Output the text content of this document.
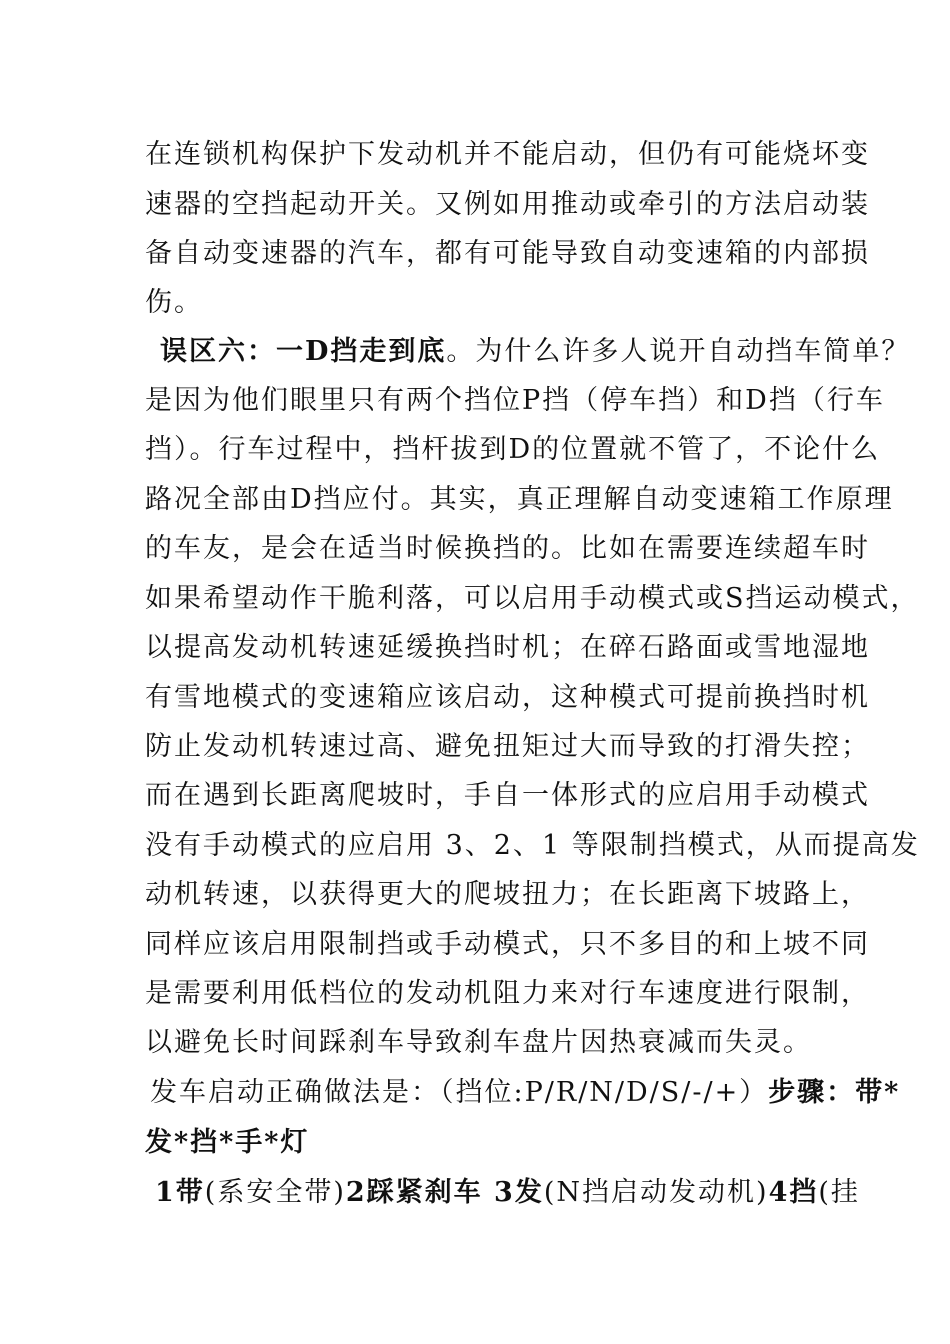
在连锁机构保护下发动机并不能启动，但仍有可能烧坏变
速器的空挡起动开关。又例如用推动或牵引的方法启动装
备自动变速器的汽车，都有可能导致自动变速箱的内部损
伤。
误区六：一D挡走到底。为什么许多人说开自动挡车简单？
是因为他们眼里只有两个挡位P挡（停车挡）和D挡（行车
挡）。行车过程中，挡杆拔到D的位置就不管了，不论什么
路况全部由D挡应付。其实，真正理解自动变速箱工作原理
的车友，是会在适当时候换挡的。比如在需要连续超车时
如果希望动作干脆利落，可以启用手动模式或S挡运动模式，
以提高发动机转速延缓换挡时机；在碎石路面或雪地湿地
有雪地模式的变速箱应该启动，这种模式可提前换挡时机
防止发动机转速过高、避免扭矩过大而导致的打滑失控；
而在遇到长距离爬坡时，手自一体形式的应启用手动模式
没有手动模式的应启用 3、2、1 等限制挡模式，从而提高发
动机转速，以获得更大的爬坡扭力；在长距离下坡路上，
同样应该启用限制挡或手动模式，只不多目的和上坡不同
是需要利用低档位的发动机阻力来对行车速度进行限制，
以避免长时间踩刹车导致刹车盘片因热衰减而失灵。
发车启动正确做法是：（挡位:P/R/N/D/S/-/+）步骤：带*
发*挡*手*灯
1带(系安全带)2踩紧刹车 3发(N挡启动发动机)4挡(挂
